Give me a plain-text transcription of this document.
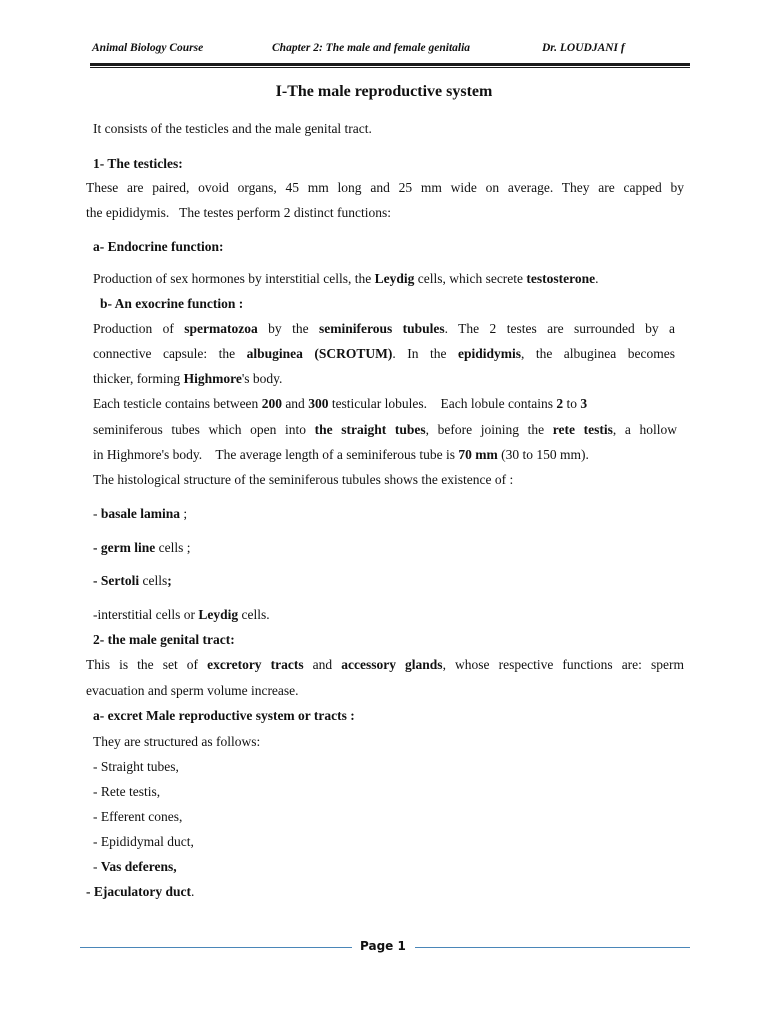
Animal Biology Course	Chapter 2: The male and female genitalia	Dr. LOUDJANI f
I-The male reproductive system
It consists of the testicles and the male genital tract.
1- The testicles:
These are paired, ovoid organs, 45 mm long and 25 mm wide on average. They are capped by
the epididymis.   The testes perform 2 distinct functions:
a- Endocrine function:
Production of sex hormones by interstitial cells, the Leydig cells, which secrete testosterone.
b- An exocrine function :
Production of spermatozoa by the seminiferous tubules. The 2 testes are surrounded by a
connective capsule: the albuginea (SCROTUM). In the epididymis, the albuginea becomes
thicker, forming Highmore's body.
Each testicle contains between 200 and 300 testicular lobules.    Each lobule contains 2 to 3
seminiferous tubes which open into the straight tubes, before joining the rete testis, a hollow
in Highmore's body.    The average length of a seminiferous tube is 70 mm (30 to 150 mm).
The histological structure of the seminiferous tubules shows the existence of :
- basale lamina ;
- germ line cells ;
- Sertoli cells;
-interstitial cells or Leydig cells.
2- the male genital tract:
This is the set of excretory tracts and accessory glands, whose respective functions are: sperm
evacuation and sperm volume increase.
a- excret Male reproductive system or tracts :
They are structured as follows:
- Straight tubes,
- Rete testis,
- Efferent cones,
- Epididymal duct,
- Vas deferens,
- Ejaculatory duct.
Page 1
